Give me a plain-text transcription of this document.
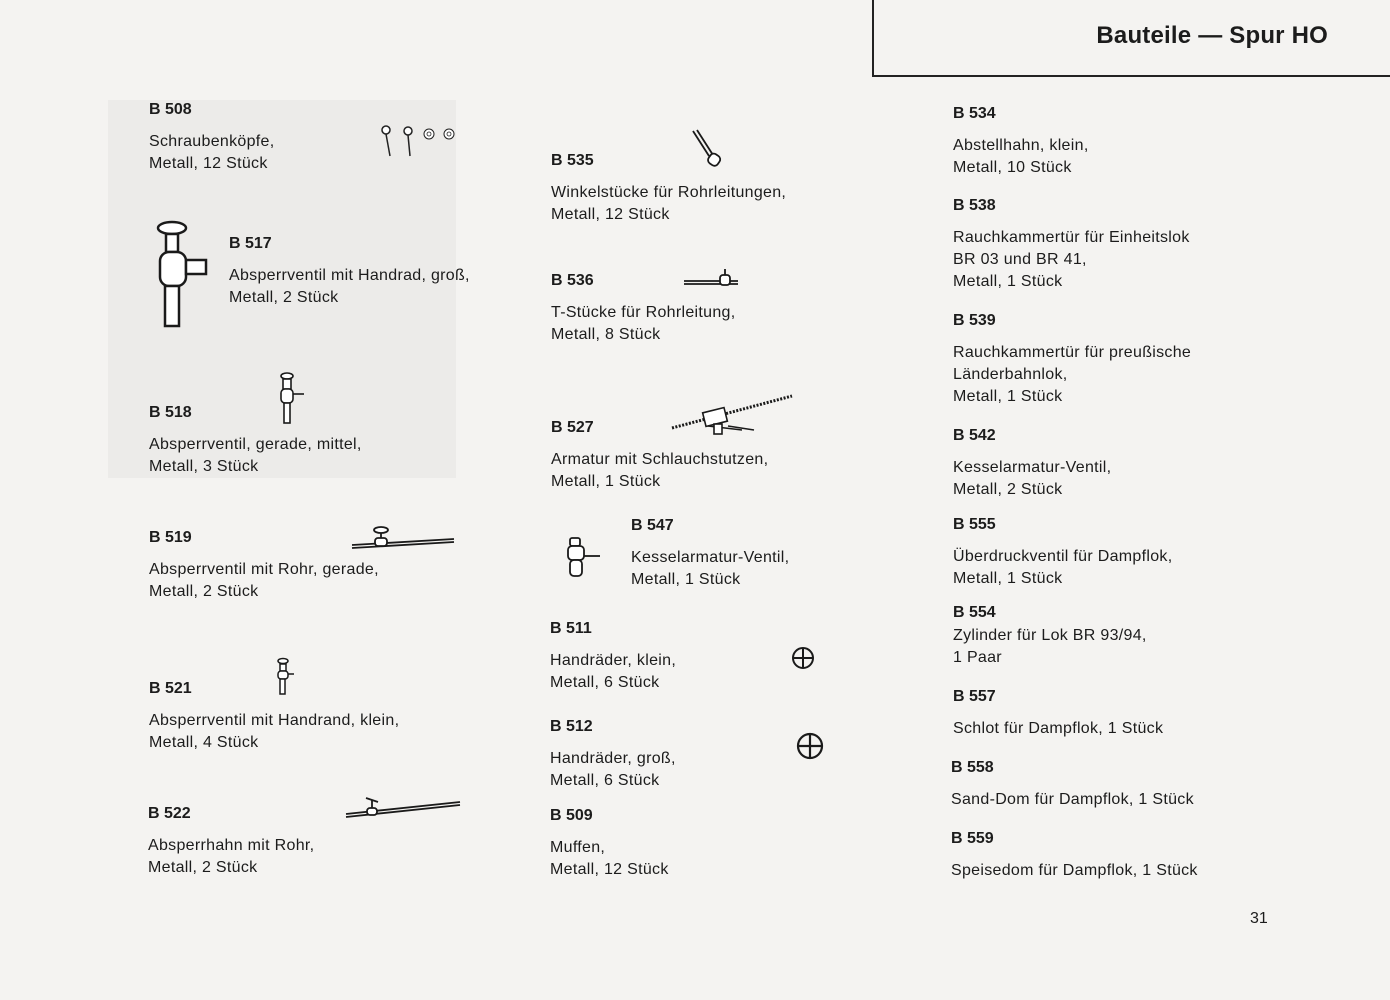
Bauteile — Spur HO
B 508
Schraubenköpfe,
Metall, 12 Stück
B 517
Absperrventil mit Handrad, groß,
Metall, 2 Stück
B 518
Absperrventil, gerade, mittel,
Metall, 3 Stück
B 519
Absperrventil mit Rohr, gerade,
Metall, 2 Stück
B 521
Absperrventil mit Handrand, klein,
Metall, 4 Stück
B 522
Absperrhahn mit Rohr,
Metall, 2 Stück
B 535
Winkelstücke für Rohrleitungen,
Metall, 12 Stück
B 536
T-Stücke für Rohrleitung,
Metall, 8 Stück
B 527
Armatur mit Schlauchstutzen,
Metall, 1 Stück
B 547
Kesselarmatur-Ventil,
Metall, 1 Stück
B 511
Handräder, klein,
Metall, 6 Stück
B 512
Handräder, groß,
Metall, 6 Stück
B 509
Muffen,
Metall, 12 Stück
B 534
Abstellhahn, klein,
Metall, 10 Stück
B 538
Rauchkammertür für Einheitslok
BR 03 und BR 41,
Metall, 1 Stück
B 539
Rauchkammertür für preußische
Länderbahnlok,
Metall, 1 Stück
B 542
Kesselarmatur-Ventil,
Metall, 2 Stück
B 555
Überdruckventil für Dampflok,
Metall, 1 Stück
B 554
Zylinder für Lok BR 93/94,
1 Paar
B 557
Schlot für Dampflok, 1 Stück
B 558
Sand-Dom für Dampflok, 1 Stück
B 559
Speisedom für Dampflok, 1 Stück
31
